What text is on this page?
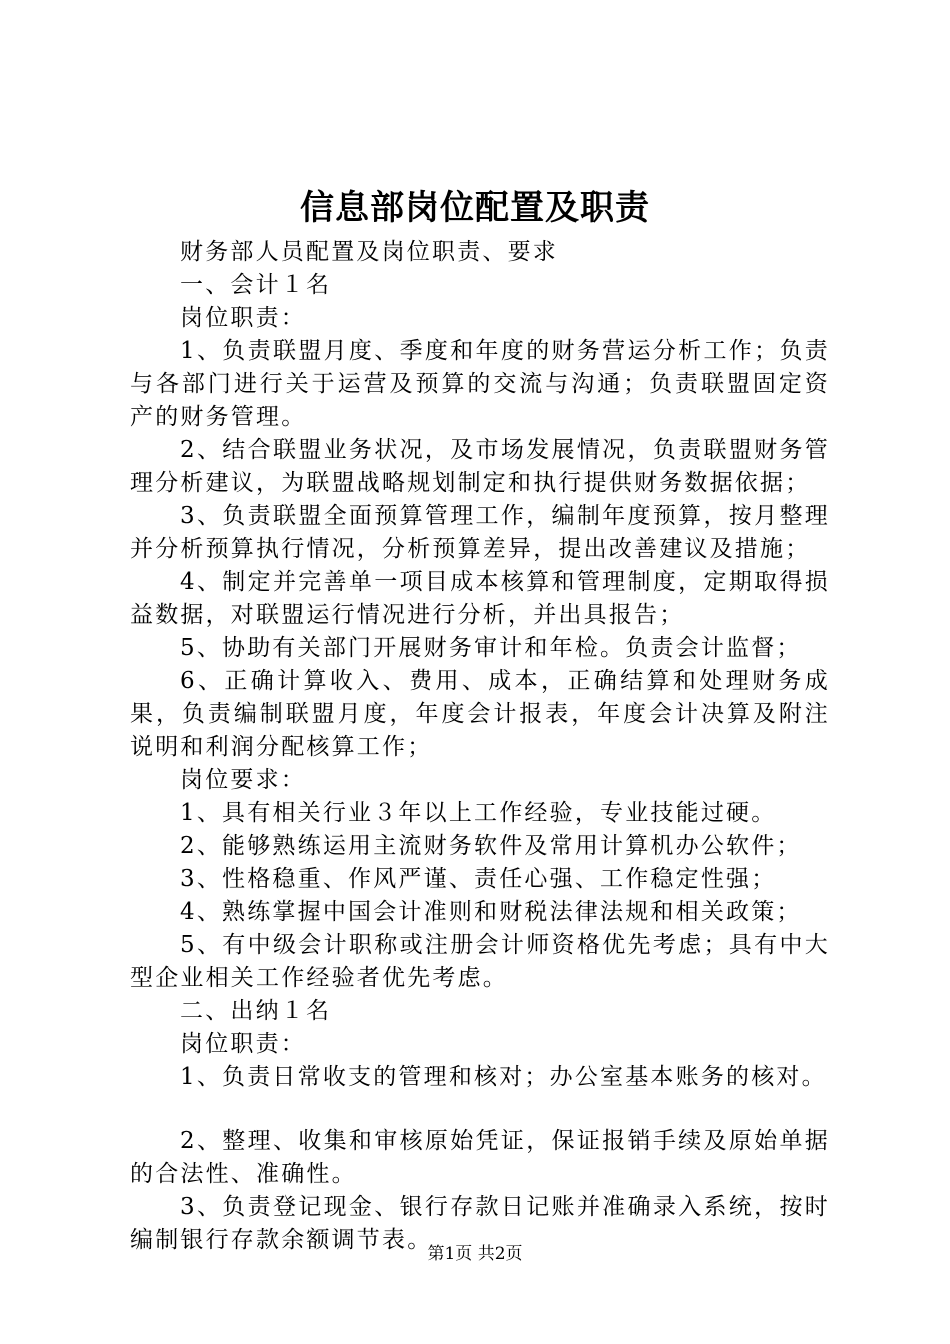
信息部岗位配置及职责

财务部人员配置及岗位职责、要求

一、会计１名

岗位职责：

1、负责联盟月度、季度和年度的财务营运分析工作；负责与各部门进行关于运营及预算的交流与沟通；负责联盟固定资产的财务管理。

2、结合联盟业务状况，及市场发展情况，负责联盟财务管理分析建议，为联盟战略规划制定和执行提供财务数据依据；

3、负责联盟全面预算管理工作，编制年度预算，按月整理并分析预算执行情况，分析预算差异，提出改善建议及措施；

4、制定并完善单一项目成本核算和管理制度，定期取得损益数据，对联盟运行情况进行分析，并出具报告；

5、协助有关部门开展财务审计和年检。负责会计监督；

6、正确计算收入、费用、成本，正确结算和处理财务成果，负责编制联盟月度，年度会计报表，年度会计决算及附注说明和利润分配核算工作；

岗位要求：

1、具有相关行业３年以上工作经验，专业技能过硬。

2、能够熟练运用主流财务软件及常用计算机办公软件；

3、性格稳重、作风严谨、责任心强、工作稳定性强；

4、熟练掌握中国会计准则和财税法律法规和相关政策；

5、有中级会计职称或注册会计师资格优先考虑；具有中大型企业相关工作经验者优先考虑。

二、出纳１名

岗位职责：

1、负责日常收支的管理和核对；办公室基本账务的核对。

2、整理、收集和审核原始凭证，保证报销手续及原始单据的合法性、准确性。

3、负责登记现金、银行存款日记账并准确录入系统，按时编制银行存款余额调节表。

第1页 共2页
